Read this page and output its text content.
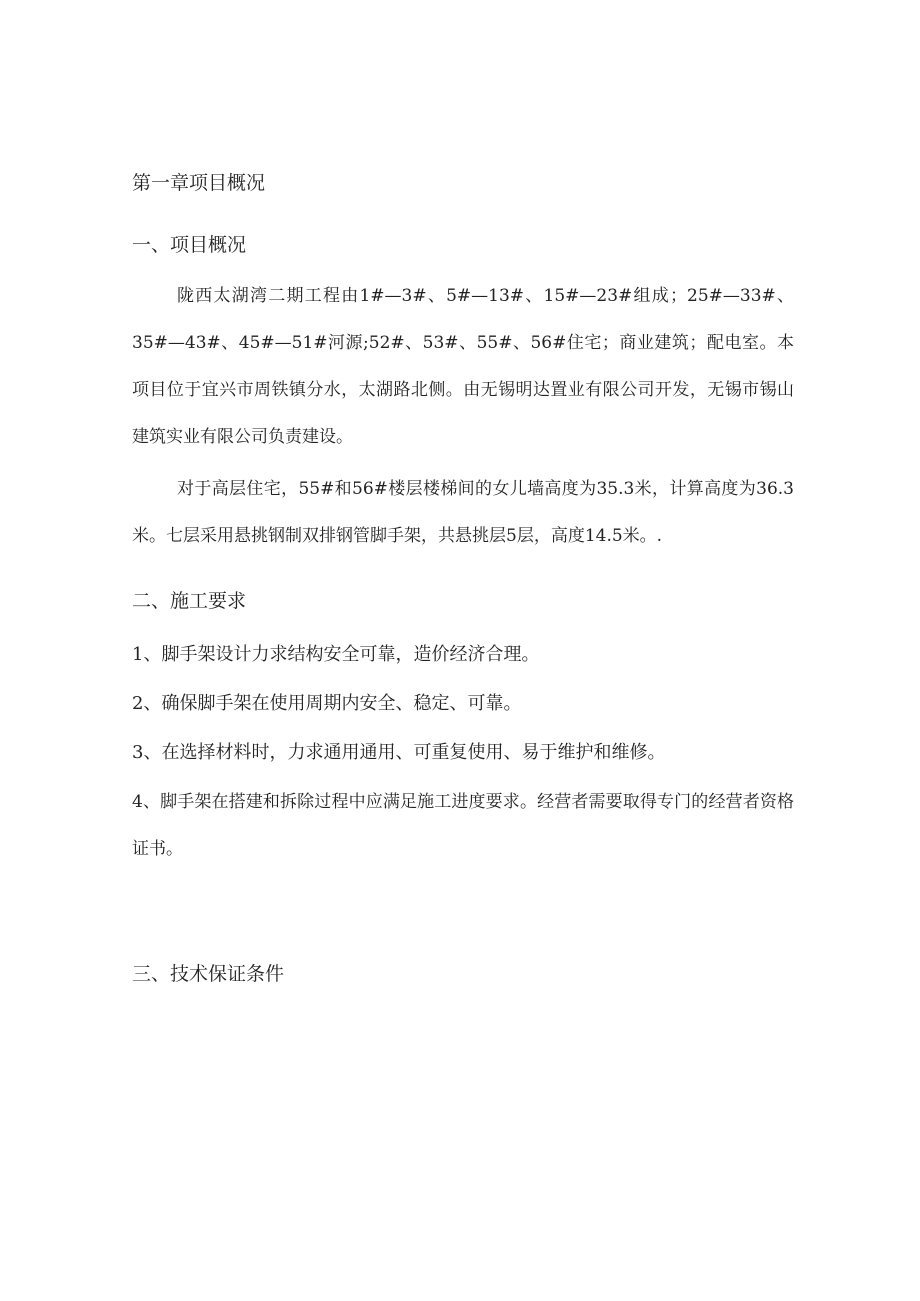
第一章项目概况
一、项目概况

陇西太湖湾二期工程由1#—3#、5#—13#、15#—23#组成；25#—33#、35#—43#、45#—51#河源;52#、53#、55#、56#住宅；商业建筑；配电室。本项目位于宜兴市周铁镇分水，太湖路北侧。由无锡明达置业有限公司开发，无锡市锡山建筑实业有限公司负责建设。

对于高层住宅，55#和56#楼层楼梯间的女儿墙高度为35.3米，计算高度为36.3米。七层采用悬挑钢制双排钢管脚手架，共悬挑层5层，高度14.5米。.

二、施工要求
1、脚手架设计力求结构安全可靠，造价经济合理。
2、确保脚手架在使用周期内安全、稳定、可靠。
3、在选择材料时，力求通用通用、可重复使用、易于维护和维修。

4、脚手架在搭建和拆除过程中应满足施工进度要求。经营者需要取得专门的经营者资格证书。

三、技术保证条件
